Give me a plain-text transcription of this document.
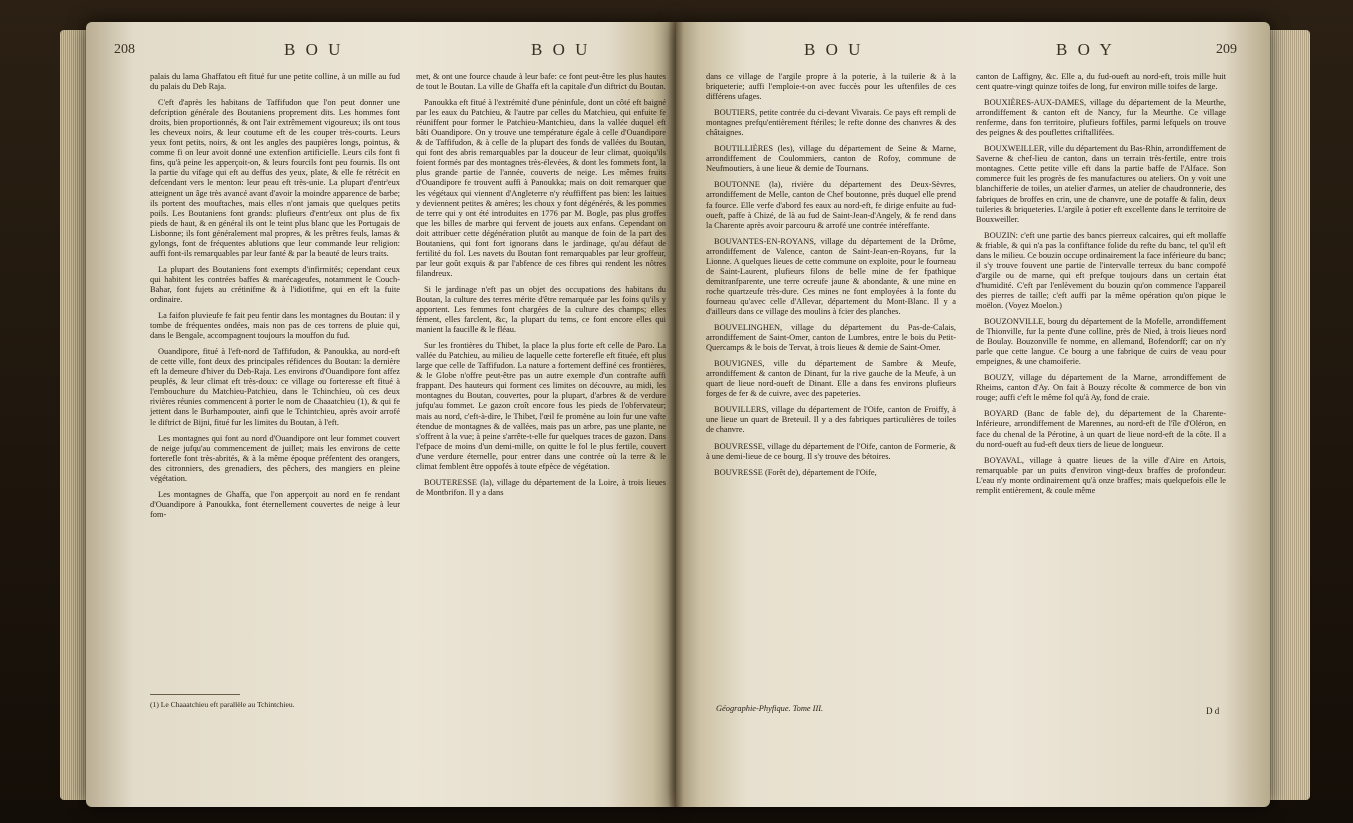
208	B O U	B O U

palais du lama Ghaffatou eft fitué fur une petite colline, à un mille au fud du palais du Deb Raja.

C'eft d'après les habitans de Taffifudon que l'on peut donner une defcription générale des Boutaniens proprement dits. Les hommes font droits, bien proportionnés, & ont l'air extrêmement vigoureux; ils ont tous les cheveux noirs, & leur coutume eft de les couper très-courts. Leurs yeux font petits, noirs, & ont les angles des paupières longs, pointus, & comme fi on leur avoit donné une extenfion artificielle. Leurs cils font fi fins, qu'à peine les apperçoit-on, & leurs fourcils font peu fournis. Ils ont la partie du vifage qui eft au deffus des yeux, plate, & elle fe rétrécit en defcendant vers le menton: leur peau eft très-unie. La plupart d'entr'eux atteignent un âge très avancé avant d'avoir la moindre apparence de barbe; ils portent des mouftaches, mais elles n'ont jamais que quelques petits poils. Les Boutaniens font grands: plufieurs d'entr'eux ont plus de fix pieds de haut, & en général ils ont le teint plus blanc que les Portugais de Lisbonne; ils font généralement mal propres, & les prêtres feuls, lamas & gylongs, font de fréquentes ablutions que leur commande leur religion: auffi font-ils remarquables par leur fanté & par la beauté de leurs traits.

La plupart des Boutaniens font exempts d'infirmités; cependant ceux qui habitent les contrées baffes & marécageufes, notamment le Couch-Bahar, font fujets au crétinifme & à l'idiotifme, qui en eft la fuite ordinaire.

La faifon pluvieufe fe fait peu fentir dans les montagnes du Boutan: il y tombe de fréquentes ondées, mais non pas de ces torrens de pluie qui, dans le Bengale, accompagnent toujours la mouffon du fud.

Ouandipore, fitué à l'eft-nord de Taffifudon, & Panoukka, au nord-eft de cette ville, font deux des principales réfidences du Boutan: la dernière eft la demeure d'hiver du Deb-Raja. Les environs d'Ouandipore font affez peuplés, & leur climat eft très-doux: ce village ou forteresse eft fitué à l'embouchure du Matchieu-Patchieu, dans le Tchinchieu, où ces deux rivières réunies commencent à porter le nom de Chaaatchieu (1), & qui fe jettent dans le Burhampouter, ainfi que le Tchintchieu, après avoir arrofé le diftrict de Bijni, fitué fur les limites du Boutan, à l'eft.

Les montagnes qui font au nord d'Ouandipore ont leur fommet couvert de neige jufqu'au commencement de juillet; mais les environs de cette forterefle font très-abrités, & à la même époque préfentent des orangers, des citronniers, des grenadiers, des pêchers, des mangiers en pleine végétation.

Les montagnes de Ghaffa, que l'on apperçoit au nord en fe rendant d'Ouandipore à Panoukka, font éternellement couvertes de neige à leur fom-

(1) Le Chaaatchieu eft parallèle au Tchintchieu.

met, & ont une fource chaude à leur bafe: ce font peut-être les plus hautes de tout le Boutan. La ville de Ghaffa eft la capitale d'un diftrict du Boutan.

Panoukka eft fitué à l'extrémité d'une péninfule, dont un côté eft baigné par les eaux du Patchieu, & l'autre par celles du Matchieu, qui enfuite fe réuniffent pour former le Patchieu-Mantchieu, dans la vallée duquel eft bâti Ouandipore. On y trouve une température égale à celle d'Ouandipore & de Taffifudon, & à celle de la plupart des fonds de vallées du Boutan, qui font des abris remarquables par la douceur de leur climat, quoiqu'ils foient formés par des montagnes très-élevées, & dont les fommets font, la plus grande partie de l'année, couverts de neige. Les mêmes fruits d'Ouandipore fe trouvent auffi à Panoukka; mais on doit remarquer que les végétaux qui viennent d'Angleterre n'y réuffiffent pas bien: les laitues y deviennent petites & amères; les choux y font dégénérés, & les pommes de terre qui y ont été introduites en 1776 par M. Bogle, pas plus groffes que les billes de marbre qui fervent de jouets aux enfans. Cependant on doit attribuer cette dégénération plutôt au manque de foin de la part des Boutaniens, qui font fort ignorans dans le jardinage, qu'au défaut de fertilité du fol. Les navets du Boutan font remarquables par leur groffeur, par leur goût exquis & par l'abfence de ces fibres qui rendent les nôtres filandreux.

Si le jardinage n'eft pas un objet des occupations des habitans du Boutan, la culture des terres mérite d'être remarquée par les foins qu'ils y apportent. Les femmes font chargées de la culture des champs; elles fèment, elles farclent, &c, la plupart du tems, ce font encore elles qui manient la faucille & le fléau.

Sur les frontières du Thibet, la place la plus forte eft celle de Paro. La vallée du Patchieu, au milieu de laquelle cette forterefle eft fituée, eft plus large que celle de Taffifudon. La nature a fortement deffiné ces frontières, & le Globe n'offre peut-être pas un autre exemple d'un contrafte auffi frappant. Des hauteurs qui forment ces limites on découvre, au midi, les montagnes du Boutan, couvertes, pour la plupart, d'arbres & de verdure jufqu'au fommet. Le gazon croît encore fous les pieds de l'obfervateur; mais au nord, c'eft-à-dire, le Thibet, l'œil fe promène au loin fur une vafte étendue de montagnes & de vallées, mais pas un arbre, pas une plante, ne s'offrent à la vue; à peine s'arrête-t-elle fur quelques traces de gazon. Dans l'efpace de moins d'un demi-mille, on quitte le fol le plus fertile, couvert d'une verdure éternelle, pour entrer dans une contrée où la terre & le climat femblent être oppofés à toute efpèce de végétation.

BOUTERESSE (la), village du département de la Loire, à trois lieues de Montbrifon. Il y a dans

B O U	B O Y	209

dans ce village de l'argile propre à la poterie, à la tuilerie & à la briqueterie; auffi l'emploie-t-on avec fuccès pour les uftenfiles de ces différens ufages.

BOUTIERS, petite contrée du ci-devant Vivarais. Ce pays eft rempli de montagnes prefqu'entièrement ftériles; le refte donne des chanvres & des châtaignes.

BOUTILLIÈRES (les), village du département de Seine & Marne, arrondiffement de Coulommiers, canton de Rofoy, commune de Neufmoutiers, à une lieue & demie de Tournans.

BOUTONNE (la), rivière du département des Deux-Sèvres, arrondiffement de Melle, canton de Chef boutonne, près duquel elle prend fa fource. Elle verfe d'abord fes eaux au nord-eft, fe dirige enfuite au fud-oueft, paffe à Chizé, de là au fud de Saint-Jean-d'Angely, & fe rend dans la Charente après avoir parcouru & arrofé une contrée intéreffante.

BOUVANTES-EN-ROYANS, village du département de la Drôme, arrondiffement de Valence, canton de Saint-Jean-en-Royans, fur la Lionne. A quelques lieues de cette commune on exploite, pour le fourneau de Saint-Laurent, plufieurs filons de belle mine de fer fpathique demitranfparente, une terre ocreufe jaune & abondante, & une mine en roche quartzeufe très-dure. Ces mines ne font employées à la fonte du fourneau qu'avec celle d'Allevar, département du Mont-Blanc. Il y a d'ailleurs dans ce village des moulins à fcier des planches.

BOUVELINGHEN, village du département du Pas-de-Calais, arrondiffement de Saint-Omer, canton de Lumbres, entre le bois du Petit-Quercamps & le bois de Tervat, à trois lieues & demie de Saint-Omer.

BOUVIGNES, ville du département de Sambre & Meufe, arrondiffement & canton de Dinant, fur la rive gauche de la Meufe, à un quart de lieue nord-oueft de Dinant. Elle a dans fes environs plufieurs forges de fer & de cuivre, avec des papeteries.

BOUVILLERS, village du département de l'Oife, canton de Froiffy, à une lieue un quart de Breteuil. Il y a des fabriques particulières de toiles de chanvre.

BOUVRESSE, village du département de l'Oife, canton de Formerie, & à une demi-lieue de ce bourg. Il s'y trouve des bétoires.

BOUVRESSE (Forêt de), département de l'Oife,

Géographie-Phyfique. Tome III.

canton de Laffigny, &c. Elle a, du fud-oueft au nord-eft, trois mille huit cent quatre-vingt quinze toifes de long, fur environ mille toifes de large.

BOUXIÈRES-AUX-DAMES, village du département de la Meurthe, arrondiffement & canton eft de Nancy, fur la Meurthe. Ce village renferme, dans fon territoire, plufieurs foffiles, parmi lefquels on trouve des peignes & des pouflettes criftallifées.

BOUXWEILLER, ville du département du Bas-Rhin, arrondiffement de Saverne & chef-lieu de canton, dans un terrain très-fertile, entre trois montagnes. Cette petite ville eft dans la partie baffe de l'Alface. Son commerce fuit les progrès de fes manufactures ou ateliers. On y voit une blanchifferie de toiles, un atelier d'armes, un atelier de chaudronnerie, des fabriques de broffes en crin, une de chanvre, une de potaffe & falin, deux tuileries & briqueteries. L'argile à potier eft excellente dans le territoire de Bouxweiller.

BOUZIN: c'eft une partie des bancs pierreux calcaires, qui eft mollaffe & friable, & qui n'a pas la confiftance folide du refte du banc, tel qu'il eft dans le milieu. Ce bouzin occupe ordinairement la face inférieure du banc; il s'y trouve fouvent une partie de l'intervalle terreux du banc compofé d'argile ou de marne, qui eft prefque toujours dans un certain état d'humidité. C'eft par l'enlèvement du bouzin qu'on commence l'appareil des pierres de taille; c'eft auffi par la même opération qu'on pique le moëlon. (Voyez Moelon.)

BOUZONVILLE, bourg du département de la Mofelle, arrondiffement de Thionville, fur la pente d'une colline, près de Nied, à trois lieues nord de Boulay. Bouzonville fe nomme, en allemand, Bofendorff; car on n'y parle que cette langue. Ce bourg a une fabrique de cuirs de veau pour empeignes, & une chamoiferie.

BOUZY, village du département de la Marne, arrondiffement de Rheims, canton d'Ay. On fait à Bouzy récolte & commerce de bon vin rouge; auffi c'eft le même fol qu'à Ay, fond de craie.

BOYARD (Banc de fable de), du département de la Charente-Inférieure, arrondiffement de Marennes, au nord-eft de l'île d'Oléron, en face du chenal de la Pérotine, à un quart de lieue nord-eft de la côte. Il a du nord-oueft au fud-eft deux tiers de lieue de longueur.

BOYAVAL, village à quatre lieues de la ville d'Aire en Artois, remarquable par un puits d'environ vingt-deux braffes de profondeur. L'eau n'y monte ordinairement qu'à onze braffes; mais quelquefois elle le remplit entièrement, & coule même

D d
